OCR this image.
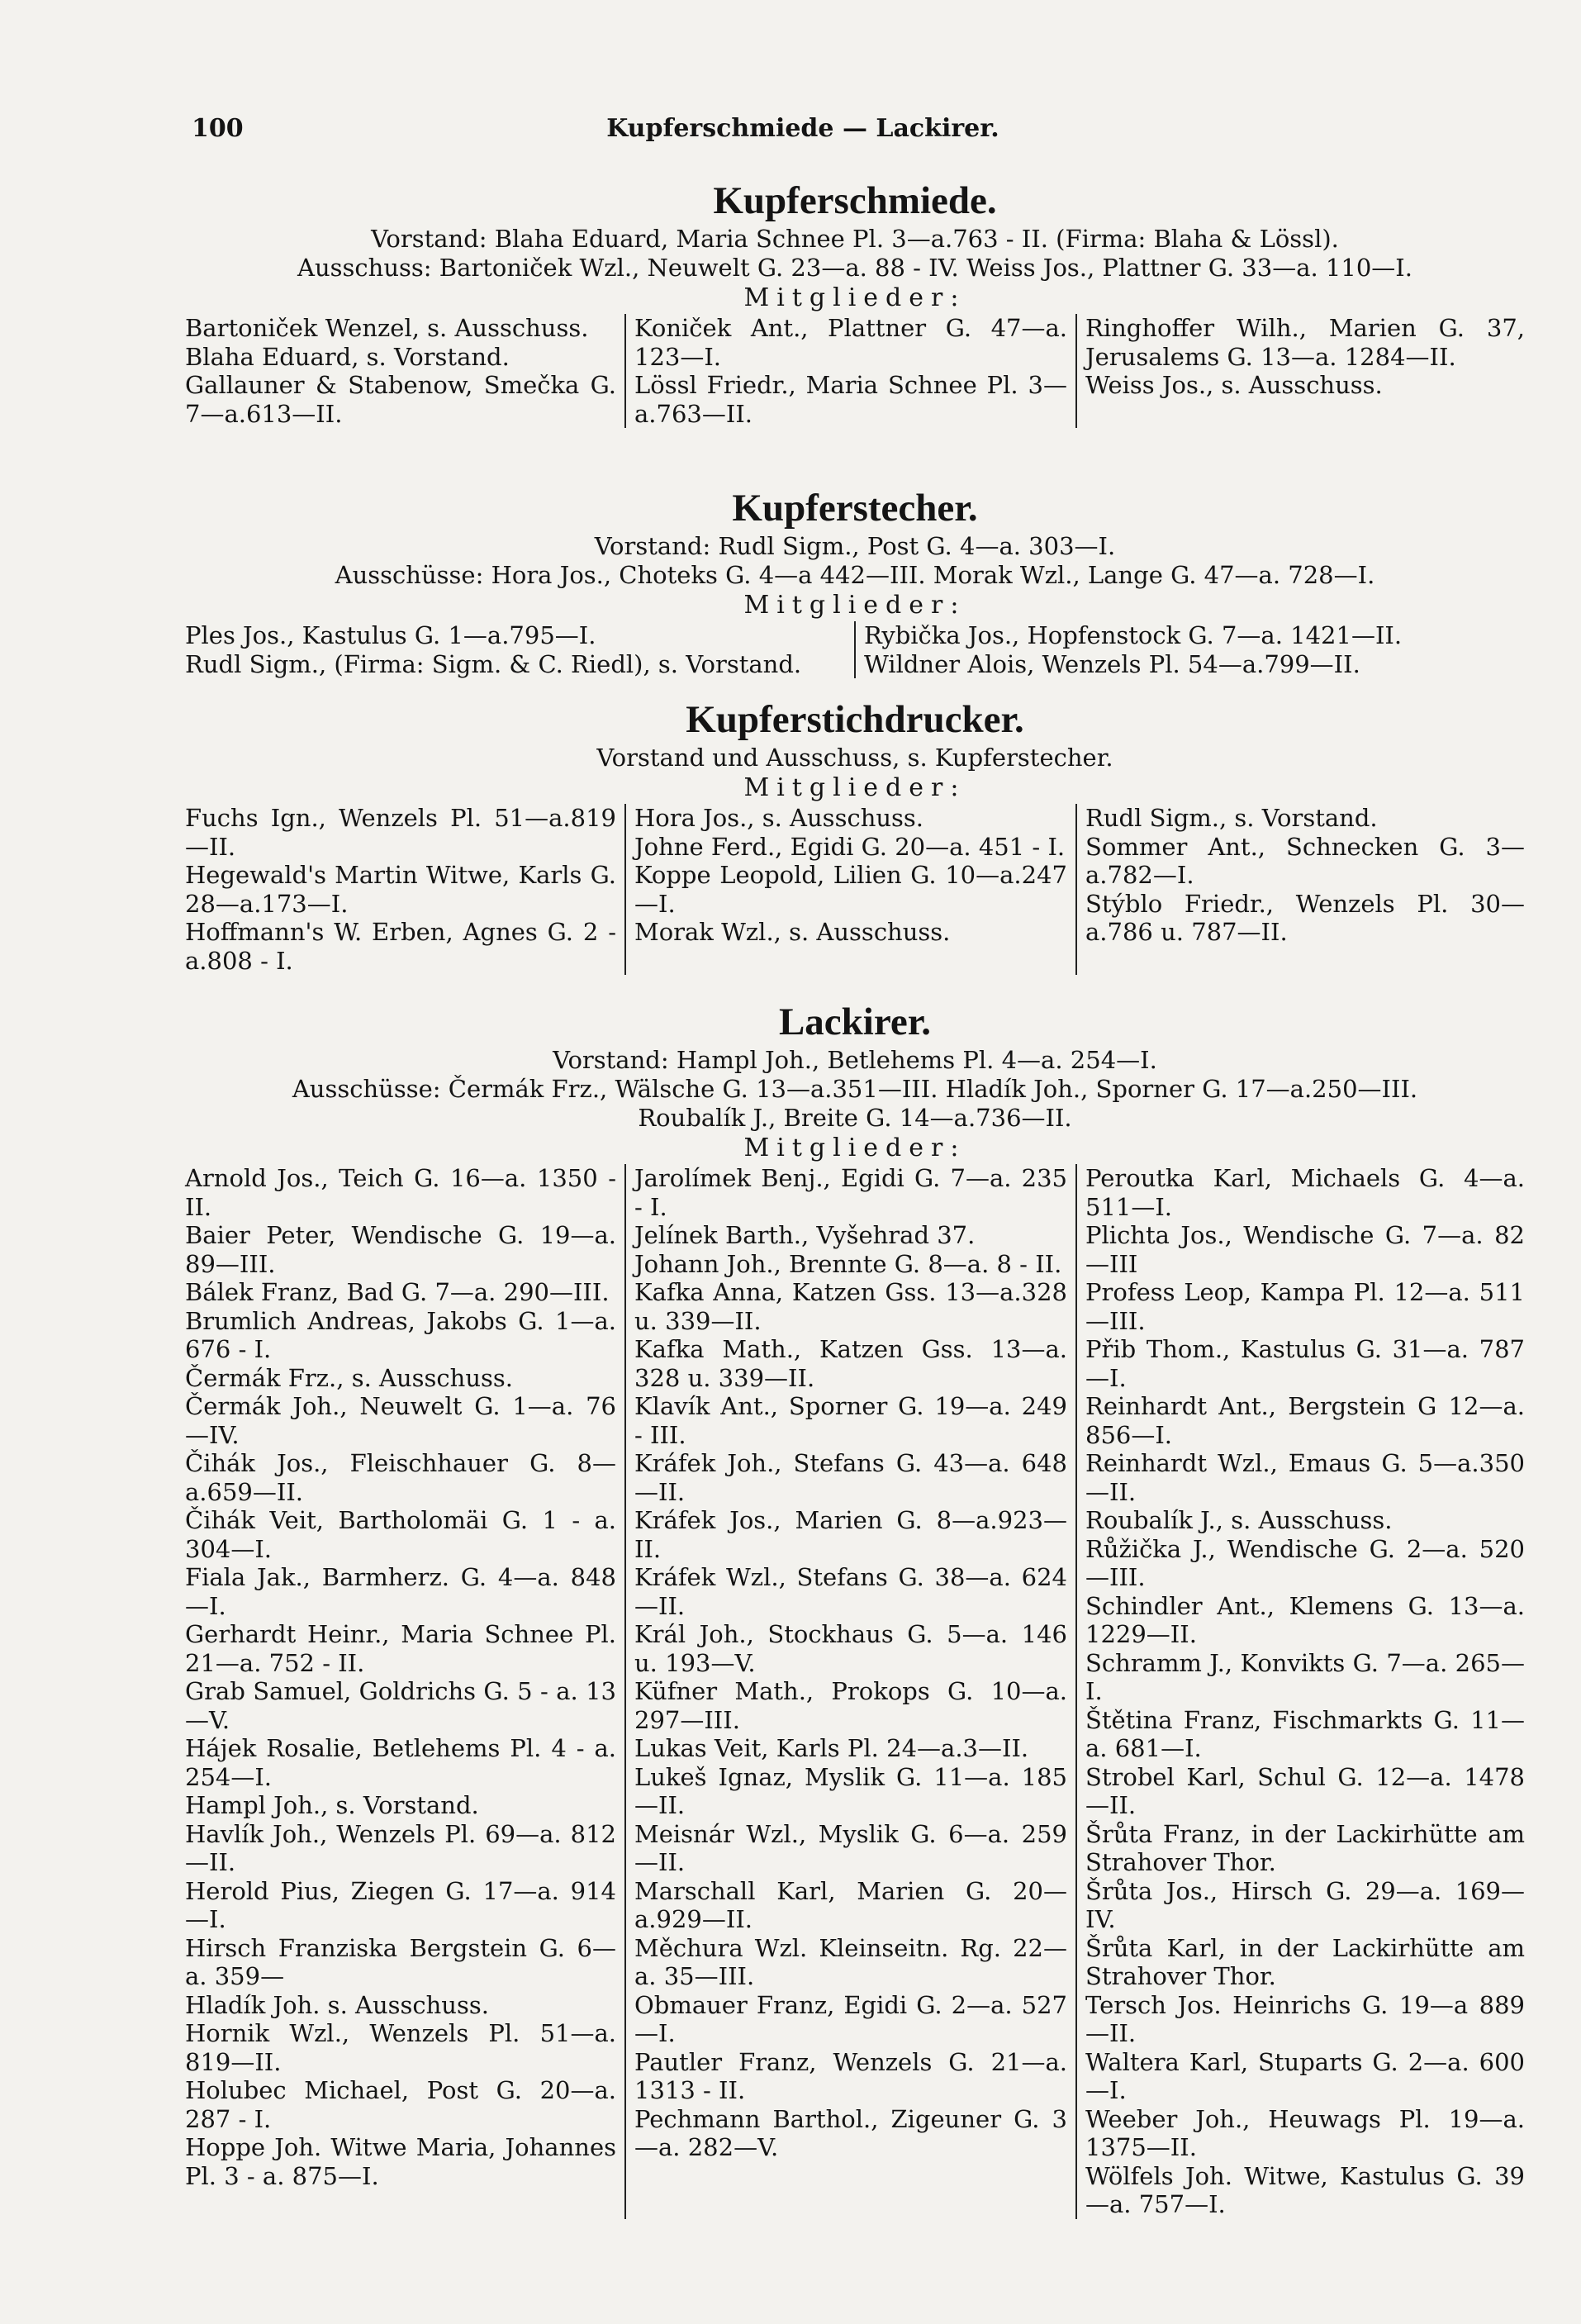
100	Kupferschmiede — Lackirer.
Kupferschmiede.
Vorstand: Blaha Eduard, Maria Schnee Pl. 3—a.763 - II. (Firma: Blaha & Lössl).
Ausschuss: Bartoniček Wzl., Neuwelt G. 23—a. 88 - IV. Weiss Jos., Plattner G. 33—a. 110—I.
Mitglieder:
Bartoniček Wenzel, s. Ausschuss.
Blaha Eduard, s. Vorstand.
Gallauner & Stabenow, Smečka G. 7—a.613—II.
Koniček Ant., Plattner G. 47—a. 123—I.
Lössl Friedr., Maria Schnee Pl. 3—a.763—II.
Ringhoffer Wilh., Marien G. 37, Jerusalems G. 13—a. 1284—II.
Weiss Jos., s. Ausschuss.
Kupferstecher.
Vorstand: Rudl Sigm., Post G. 4—a. 303—I.
Ausschüsse: Hora Jos., Choteks G. 4—a 442—III. Morak Wzl., Lange G. 47—a. 728—I.
Mitglieder:
Ples Jos., Kastulus G. 1—a.795—I.
Rudl Sigm., (Firma: Sigm. & C. Riedl), s. Vorstand.
Rybička Jos., Hopfenstock G. 7—a. 1421—II.
Wildner Alois, Wenzels Pl. 54—a.799—II.
Kupferstichdrucker.
Vorstand und Ausschuss, s. Kupferstecher.
Mitglieder:
Fuchs Ign., Wenzels Pl. 51—a.819—II.
Hegewald's Martin Witwe, Karls G. 28—a.173—I.
Hoffmann's W. Erben, Agnes G. 2 - a.808 - I.
Hora Jos., s. Ausschuss.
Johne Ferd., Egidi G. 20—a. 451 - I.
Koppe Leopold, Lilien G. 10—a.247—I.
Morak Wzl., s. Ausschuss.
Rudl Sigm., s. Vorstand.
Sommer Ant., Schnecken G. 3—a.782—I.
Stýblo Friedr., Wenzels Pl. 30—a.786 u. 787—II.
Lackirer.
Vorstand: Hampl Joh., Betlehems Pl. 4—a. 254—I.
Ausschüsse: Čermák Frz., Wälsche G. 13—a.351—III. Hladík Joh., Sporner G. 17—a.250—III.
Roubalík J., Breite G. 14—a.736—II.
Mitglieder:
Arnold Jos., Teich G. 16—a. 1350 - II.
Baier Peter, Wendische G. 19—a. 89—III.
Bálek Franz, Bad G. 7—a. 290—III.
Brumlich Andreas, Jakobs G. 1—a. 676 - I.
Čermák Frz., s. Ausschuss.
Čermák Joh., Neuwelt G. 1—a. 76—IV.
Čihák Jos., Fleischhauer G. 8—a.659—II.
Čihák Veit, Bartholomäi G. 1 - a. 304—I.
Fiala Jak., Barmherz. G. 4—a. 848—I.
Gerhardt Heinr., Maria Schnee Pl. 21—a. 752 - II.
Grab Samuel, Goldrichs G. 5 - a. 13—V.
Hájek Rosalie, Betlehems Pl. 4 - a. 254—I.
Hampl Joh., s. Vorstand.
Havlík Joh., Wenzels Pl. 69—a. 812—II.
Herold Pius, Ziegen G. 17—a. 914—I.
Hirsch Franziska Bergstein G. 6—a. 359—
Hladík Joh. s. Ausschuss.
Hornik Wzl., Wenzels Pl. 51—a. 819—II.
Holubec Michael, Post G. 20—a. 287 - I.
Hoppe Joh. Witwe Maria, Johannes Pl. 3 - a. 875—I.
Jarolímek Benj., Egidi G. 7—a. 235 - I.
Jelínek Barth., Vyšehrad 37.
Johann Joh., Brennte G. 8—a. 8 - II.
Kafka Anna, Katzen Gss. 13—a.328 u. 339—II.
Kafka Math., Katzen Gss. 13—a. 328 u. 339—II.
Klavík Ant., Sporner G. 19—a. 249 - III.
Kráfek Joh., Stefans G. 43—a. 648—II.
Kráfek Jos., Marien G. 8—a.923—II.
Kráfek Wzl., Stefans G. 38—a. 624—II.
Král Joh., Stockhaus G. 5—a. 146 u. 193—V.
Küfner Math., Prokops G. 10—a. 297—III.
Lukas Veit, Karls Pl. 24—a.3—II.
Lukeš Ignaz, Myslik G. 11—a. 185—II.
Meisnár Wzl., Myslik G. 6—a. 259—II.
Marschall Karl, Marien G. 20—a.929—II.
Měchura Wzl. Kleinseitn. Rg. 22—a. 35—III.
Obmauer Franz, Egidi G. 2—a. 527—I.
Pautler Franz, Wenzels G. 21—a. 1313 - II.
Pechmann Barthol., Zigeuner G. 3—a. 282—V.
Peroutka Karl, Michaels G. 4—a. 511—I.
Plichta Jos., Wendische G. 7—a. 82—III
Profess Leop, Kampa Pl. 12—a. 511—III.
Přib Thom., Kastulus G. 31—a. 787—I.
Reinhardt Ant., Bergstein G 12—a. 856—I.
Reinhardt Wzl., Emaus G. 5—a.350—II.
Roubalík J., s. Ausschuss.
Růžička J., Wendische G. 2—a. 520—III.
Schindler Ant., Klemens G. 13—a. 1229—II.
Schramm J., Konvikts G. 7—a. 265—I.
Štětina Franz, Fischmarkts G. 11—a. 681—I.
Strobel Karl, Schul G. 12—a. 1478—II.
Šrůta Franz, in der Lackirhütte am Strahover Thor.
Šrůta Jos., Hirsch G. 29—a. 169—IV.
Šrůta Karl, in der Lackirhütte am Strahover Thor.
Tersch Jos. Heinrichs G. 19—a 889—II.
Waltera Karl, Stuparts G. 2—a. 600—I.
Weeber Joh., Heuwags Pl. 19—a. 1375—II.
Wölfels Joh. Witwe, Kastulus G. 39—a. 757—I.
